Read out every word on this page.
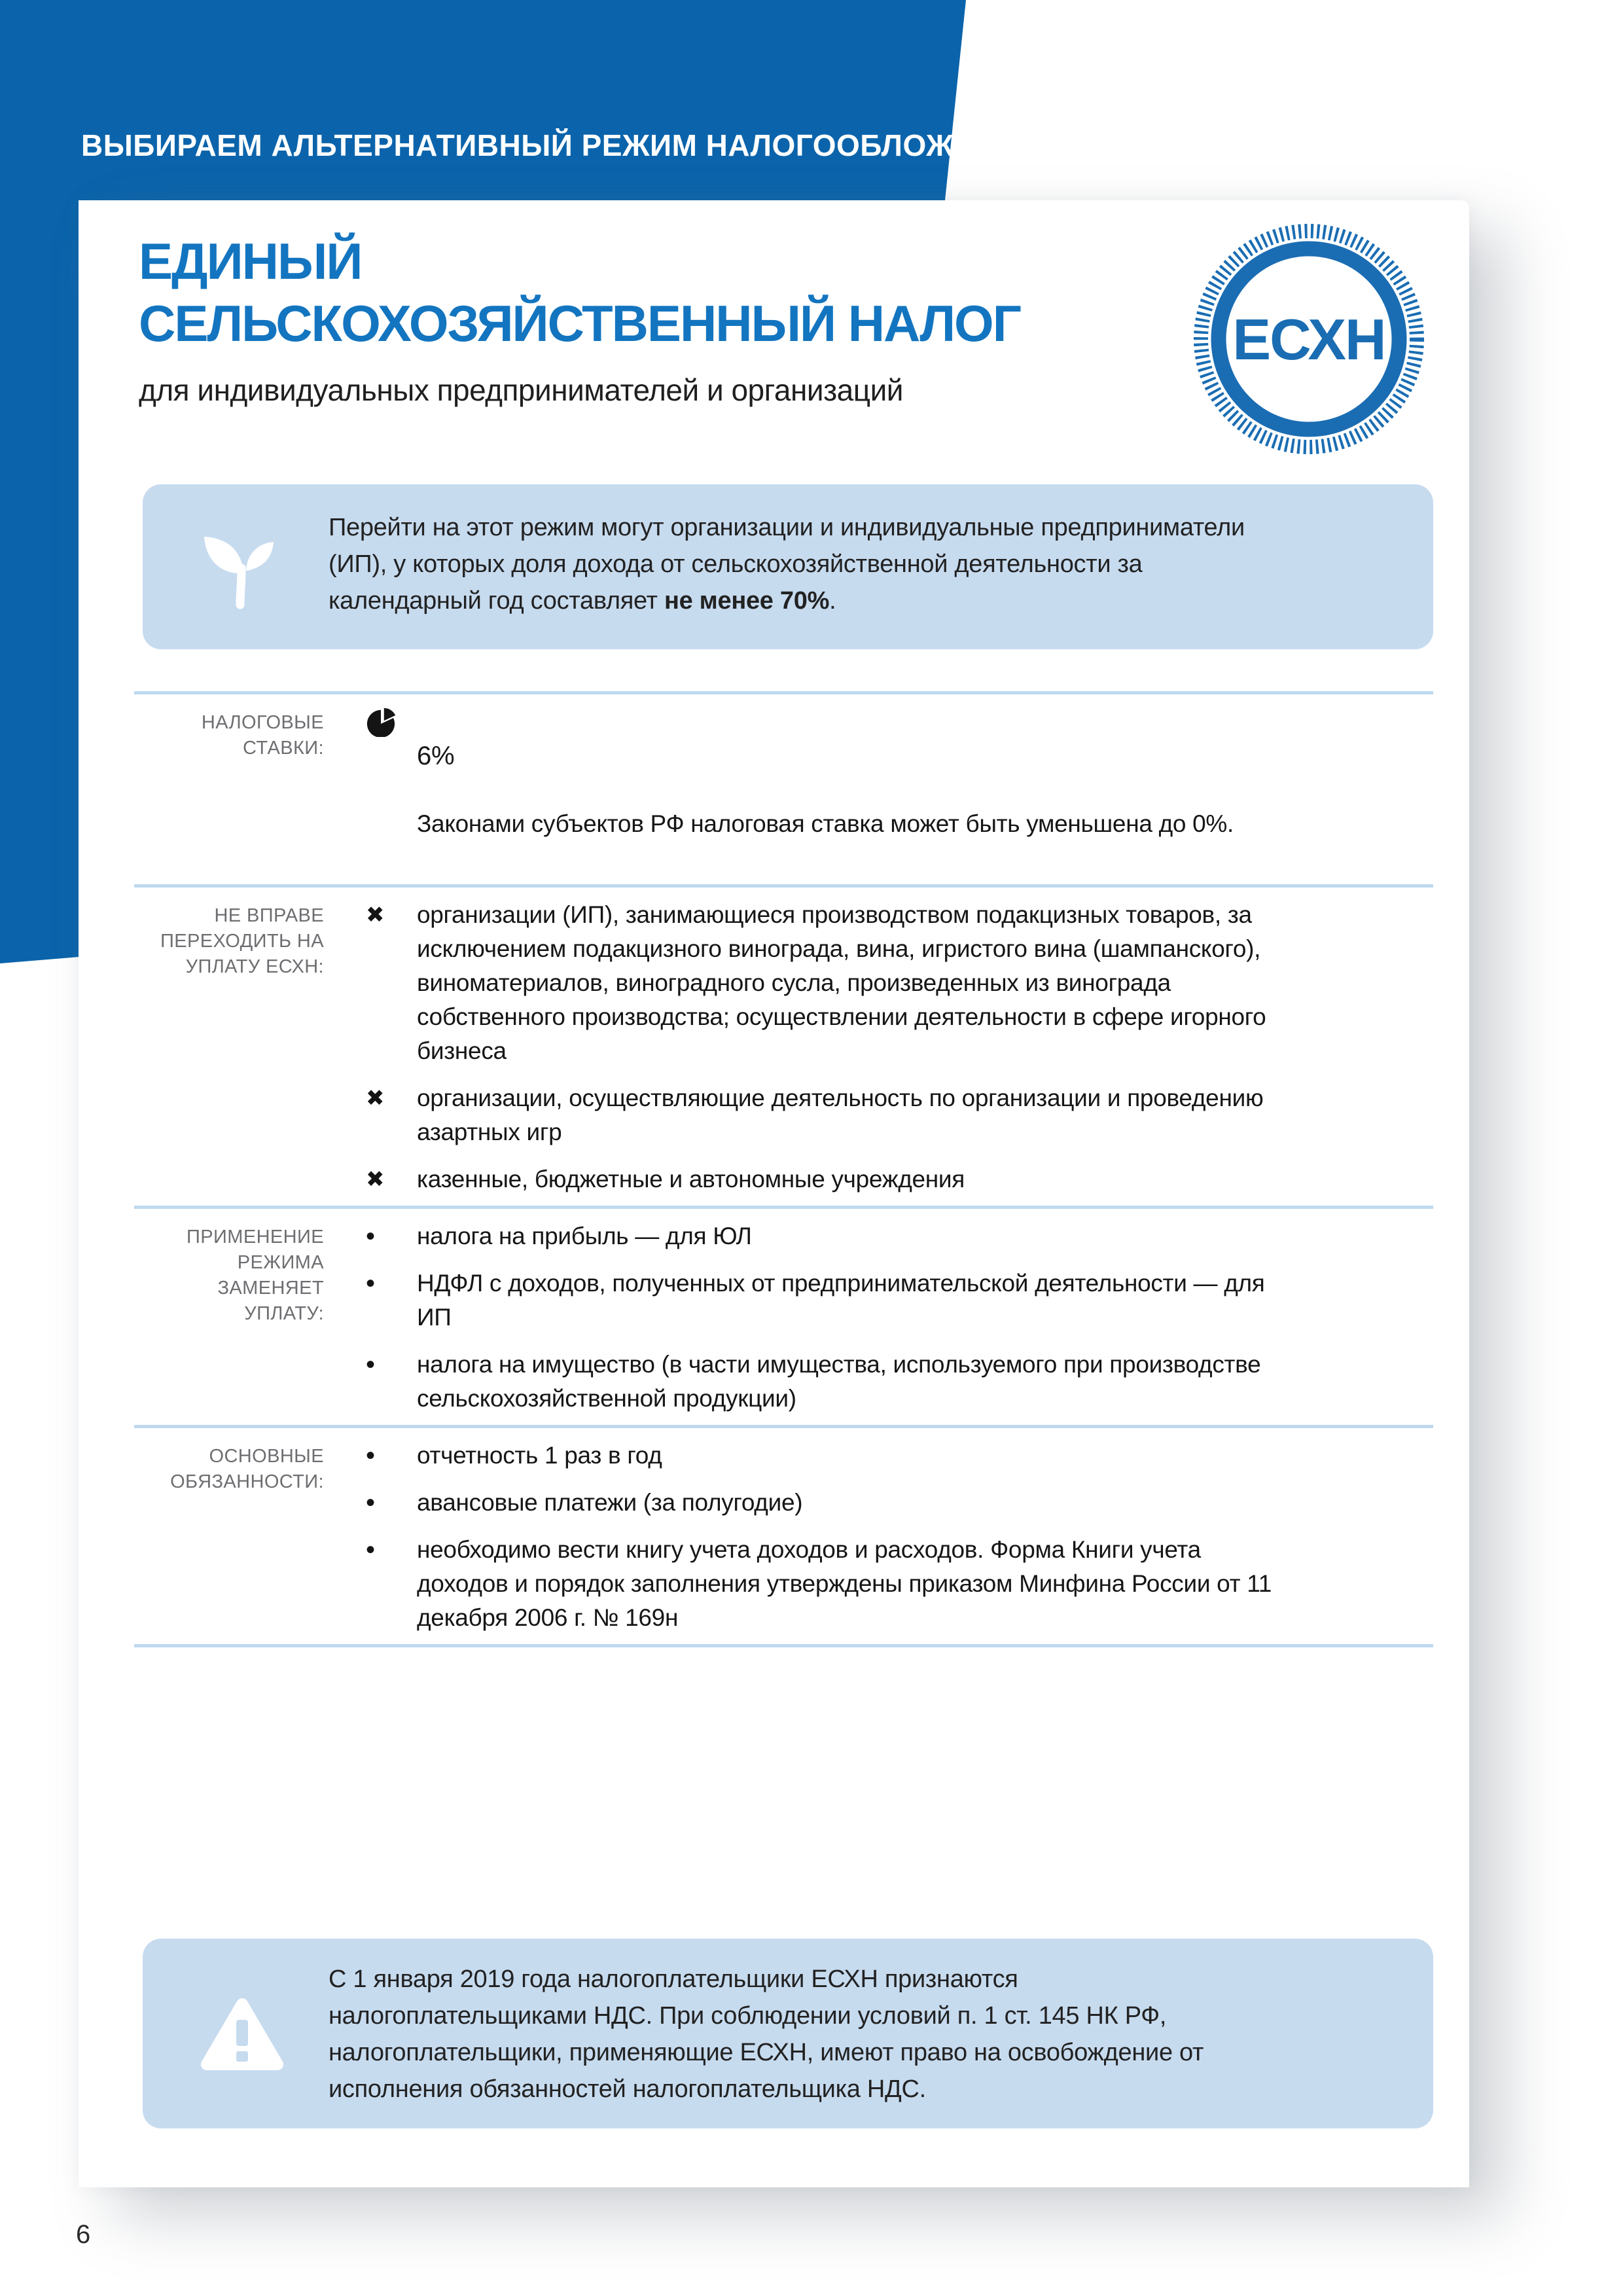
ВЫБИРАЕМ АЛЬТЕРНАТИВНЫЙ РЕЖИМ НАЛОГООБЛОЖЕНИЯ
ЕДИНЫЙ
СЕЛЬСКОХОЗЯЙСТВЕННЫЙ НАЛОГ
для индивидуальных предпринимателей и организаций
ЕСХН
Перейти на этот режим могут организации и индивидуальные предприниматели
(ИП), у которых доля дохода от сельскохозяйственной деятельности за
календарный год составляет не менее 70%.
НАЛОГОВЫЕ
СТАВКИ:	6%

Законами субъектов РФ налоговая ставка может быть уменьшена до 0%.

НЕ ВПРАВЕ
ПЕРЕХОДИТЬ НА
УПЛАТУ ЕСХН:
✖	организации (ИП), занимающиеся производством подакцизных товаров, за
исключением подакцизного винограда, вина, игристого вина (шампанского),
виноматериалов, виноградного сусла, произведенных из винограда
собственного производства; осуществлении деятельности в сфере игорного
бизнеса
✖	организации, осуществляющие деятельность по организации и проведению
азартных игр
✖	казенные, бюджетные и автономные учреждения
ПРИМЕНЕНИЕ
РЕЖИМА
ЗАМЕНЯЕТ
УПЛАТУ:
•	налога на прибыль — для ЮЛ
•	НДФЛ с доходов, полученных от предпринимательской деятельности — для
ИП
•	налога на имущество (в части имущества, используемого при производстве
сельскохозяйственной продукции)
ОСНОВНЫЕ
ОБЯЗАННОСТИ:
•	отчетность 1 раз в год
•	авансовые платежи (за полугодие)
•	необходимо вести книгу учета доходов и расходов. Форма Книги учета
доходов и порядок заполнения утверждены приказом Минфина России от 11
декабря 2006 г. № 169н
С 1 января 2019 года налогоплательщики ЕСХН признаются
налогоплательщиками НДС. При соблюдении условий п. 1 ст. 145 НК РФ,
налогоплательщики, применяющие ЕСХН, имеют право на освобождение от
исполнения обязанностей налогоплательщика НДС.
6
